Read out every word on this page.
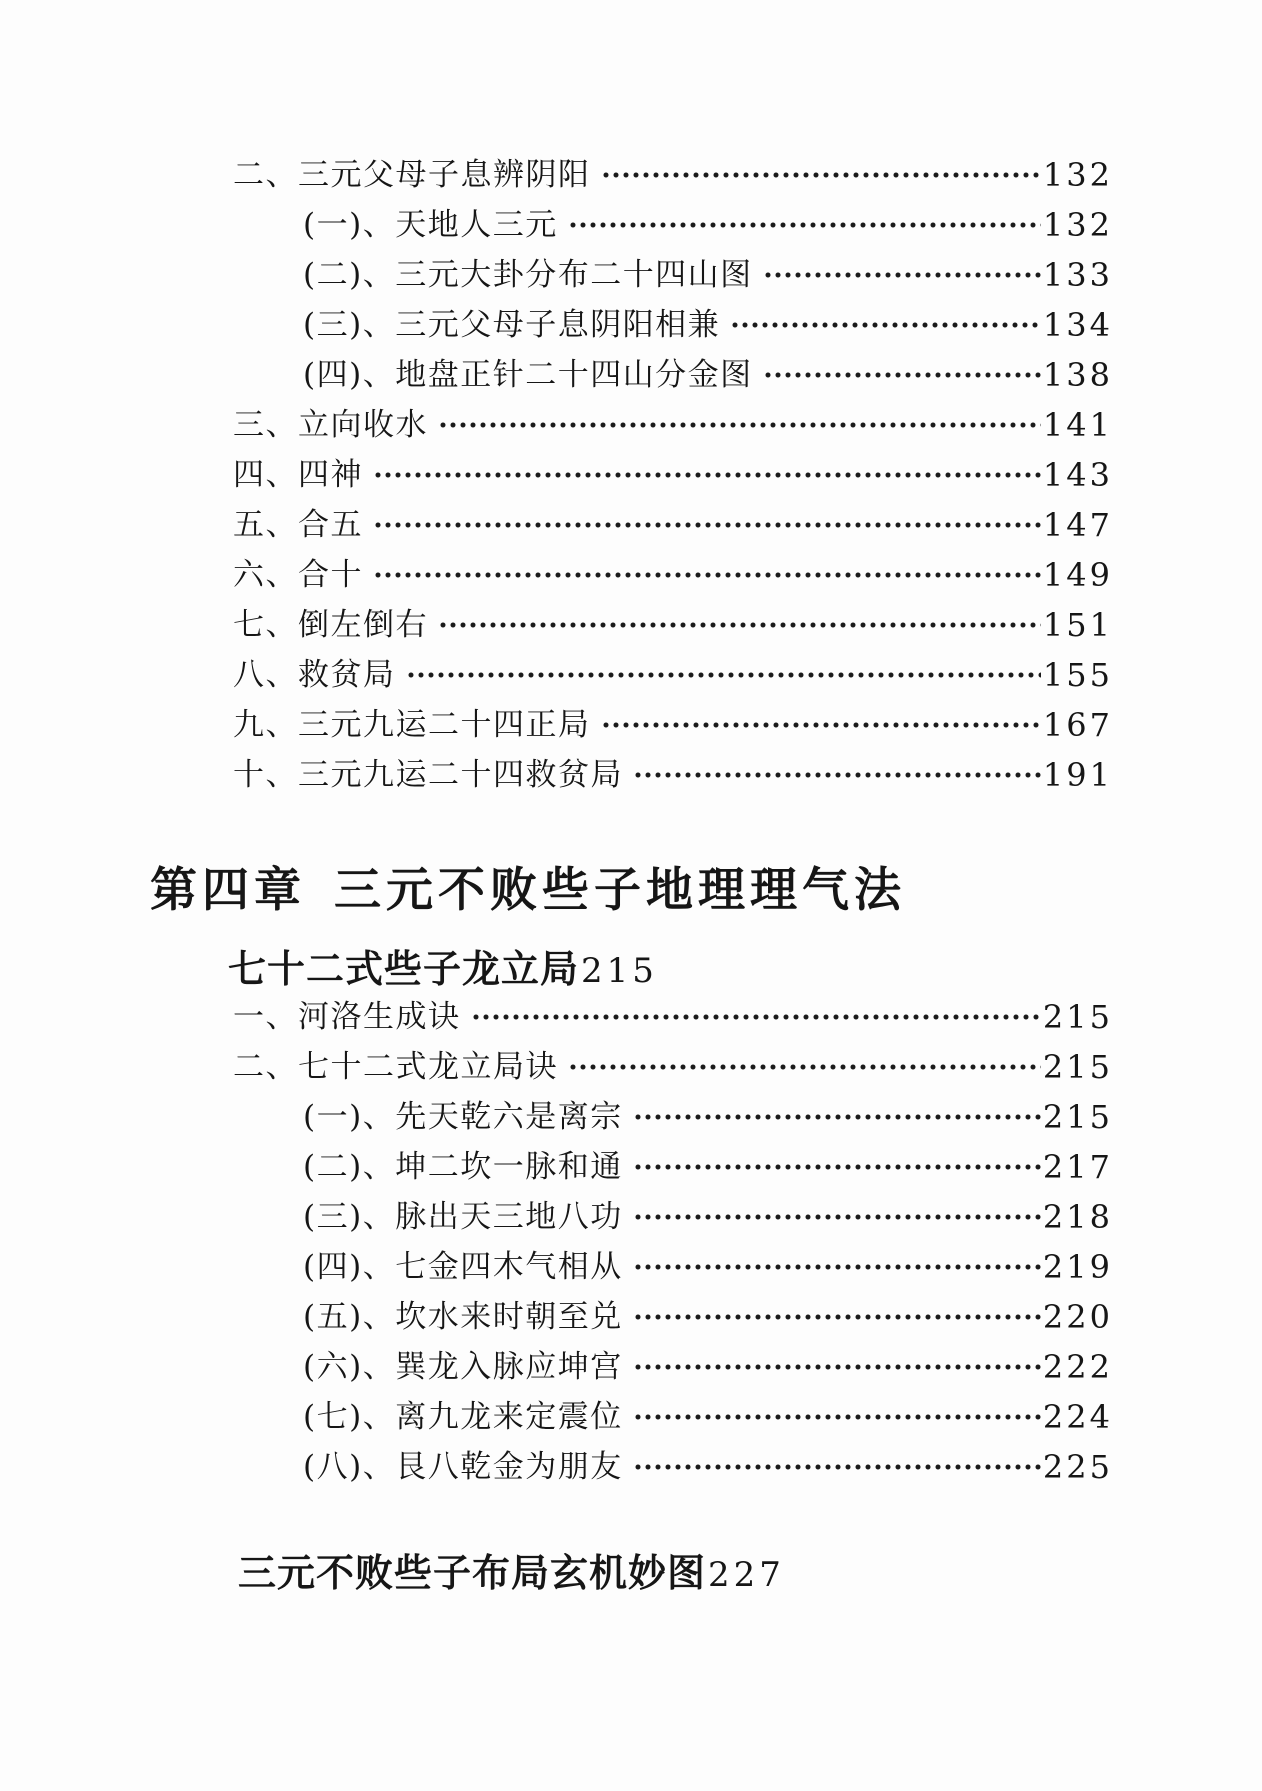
二、三元父母子息辨阴阳	132
(一)、天地人三元	132
(二)、三元大卦分布二十四山图	133
(三)、三元父母子息阴阳相兼	134
(四)、地盘正针二十四山分金图	138
三、立向收水	141
四、四神	143
五、合五	147
六、合十	149
七、倒左倒右	151
八、救贫局	155
九、三元九运二十四正局	167
十、三元九运二十四救贫局	191
第四章 三元不败些子地理理气法
七十二式些子龙立局215
一、河洛生成诀	215
二、七十二式龙立局诀	215
(一)、先天乾六是离宗	215
(二)、坤二坎一脉和通	217
(三)、脉出天三地八功	218
(四)、七金四木气相从	219
(五)、坎水来时朝至兑	220
(六)、巽龙入脉应坤宫	222
(七)、离九龙来定震位	224
(八)、艮八乾金为朋友	225
三元不败些子布局玄机妙图227
